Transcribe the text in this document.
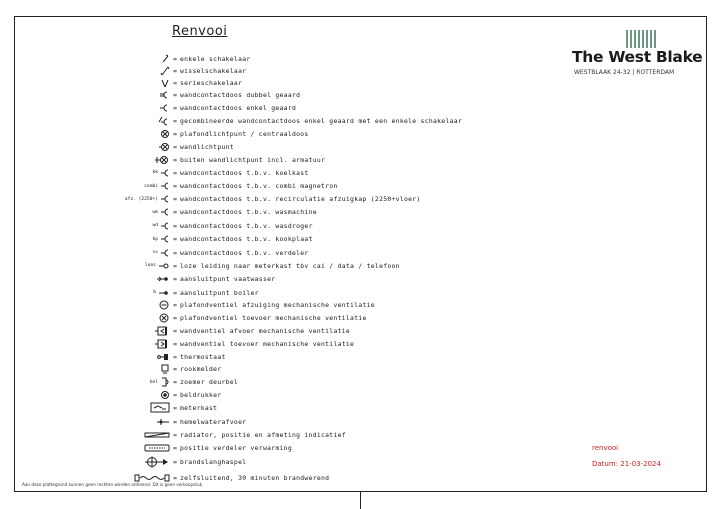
Renvooi
= enkele schakelaar
= wisselschakelaar
= serieschakelaar
= wandcontactdoos dubbel geaard
= wandcontactdoos enkel geaard
= gecombineerde wandcontactdoos enkel geaard met een enkele schakelaar
= plafondlichtpunt / centraaldoos
= wandlichtpunt
= buiten wandlichtpunt incl. armatuur
kk	= wandcontactdoos t.b.v. koelkast
combi	= wandcontactdoos t.b.v. combi magnetron
afz. (2250+)	= wandcontactdoos t.b.v. recirculatie afzuigkap (2250+vloer)
wm	= wandcontactdoos t.b.v. wasmachine
wd	= wandcontactdoos t.b.v. wasdroger
kp	= wandcontactdoos t.b.v. kookplaat
vv	= wandcontactdoos t.b.v. verdeler
loos	= loze leiding naar meterkast tbv cai / data / telefoon
= aansluitpunt vaatwasser
b	= aansluitpunt boiler
= plafondventiel afzuiging mechanische ventilatie
= plafondventiel toevoer mechanische ventilatie
= wandventiel afvoer mechanische ventilatie
= wandventiel toevoer mechanische ventilatie
= thermostaat
= rookmelder
bel	= zoemer deurbel
= beldrukker
= meterkast
= hemelwaterafvoer
= radiator, positie en afmeting indicatief
= positie verdeler verwarming
= brandslanghaspel
= zelfsluitend, 30 minuten brandwerend
The West Blake
WESTBLAAK 24-32 | ROTTERDAM
renvooi
Datum: 21-03-2024
Aan deze plattegrond kunnen geen rechten worden ontleend. Dit is geen verkoopstuk.
